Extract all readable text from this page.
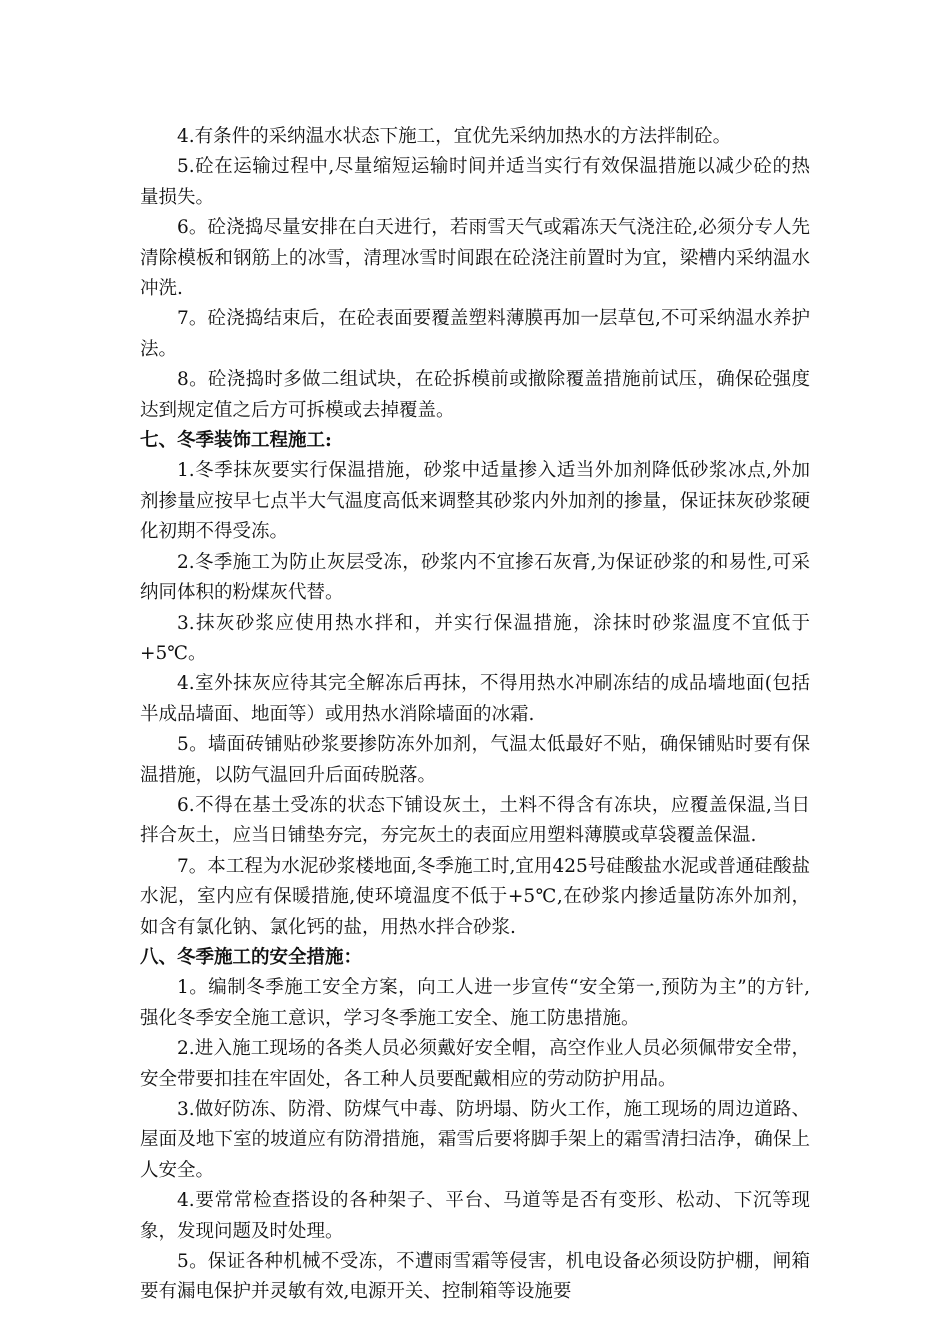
4.有条件的采纳温水状态下施工，宜优先采纳加热水的方法拌制砼。

5.砼在运输过程中,尽量缩短运输时间并适当实行有效保温措施以减少砼的热量损失。

6。砼浇捣尽量安排在白天进行，若雨雪天气或霜冻天气浇注砼,必须分专人先清除模板和钢筋上的冰雪，清理冰雪时间跟在砼浇注前置时为宜，梁槽内采纳温水冲洗.

7。砼浇捣结束后，在砼表面要覆盖塑料薄膜再加一层草包,不可采纳温水养护法。

8。砼浇捣时多做二组试块，在砼拆模前或撤除覆盖措施前试压，确保砼强度达到规定值之后方可拆模或去掉覆盖。

七、冬季装饰工程施工:

1.冬季抹灰要实行保温措施，砂浆中适量掺入适当外加剂降低砂浆冰点,外加剂掺量应按早七点半大气温度高低来调整其砂浆内外加剂的掺量，保证抹灰砂浆硬化初期不得受冻。

2.冬季施工为防止灰层受冻，砂浆内不宜掺石灰膏,为保证砂浆的和易性,可采纳同体积的粉煤灰代替。

3.抹灰砂浆应使用热水拌和，并实行保温措施，涂抹时砂浆温度不宜低于+5℃。

4.室外抹灰应待其完全解冻后再抹，不得用热水冲刷冻结的成品墙地面(包括半成品墙面、地面等）或用热水消除墙面的冰霜.

5。墙面砖铺贴砂浆要掺防冻外加剂，气温太低最好不贴，确保铺贴时要有保温措施，以防气温回升后面砖脱落。

6.不得在基土受冻的状态下铺设灰土，土料不得含有冻块，应覆盖保温,当日拌合灰土，应当日铺垫夯完，夯完灰土的表面应用塑料薄膜或草袋覆盖保温.

7。本工程为水泥砂浆楼地面,冬季施工时,宜用425号硅酸盐水泥或普通硅酸盐水泥，室内应有保暖措施,使环境温度不低于+5℃,在砂浆内掺适量防冻外加剂，如含有氯化钠、氯化钙的盐，用热水拌合砂浆.

八、冬季施工的安全措施：

1。编制冬季施工安全方案，向工人进一步宣传“安全第一,预防为主”的方针,强化冬季安全施工意识，学习冬季施工安全、施工防患措施。

2.进入施工现场的各类人员必须戴好安全帽，高空作业人员必须佩带安全带，安全带要扣挂在牢固处，各工种人员要配戴相应的劳动防护用品。

3.做好防冻、防滑、防煤气中毒、防坍塌、防火工作，施工现场的周边道路、屋面及地下室的坡道应有防滑措施，霜雪后要将脚手架上的霜雪清扫洁净，确保上人安全。

4.要常常检查搭设的各种架子、平台、马道等是否有变形、松动、下沉等现象，发现问题及时处理。

5。保证各种机械不受冻，不遭雨雪霜等侵害，机电设备必须设防护棚，闸箱要有漏电保护并灵敏有效,电源开关、控制箱等设施要
